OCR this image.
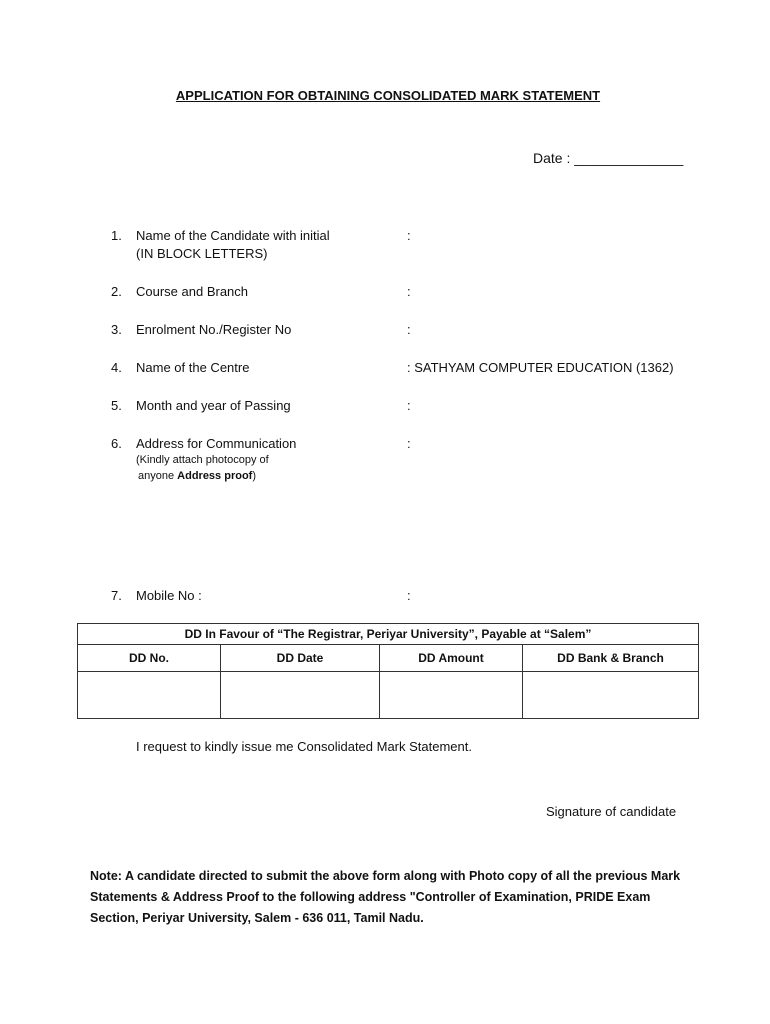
APPLICATION FOR OBTAINING CONSOLIDATED MARK STATEMENT
Date : ______________
1. Name of the Candidate with initial
(IN BLOCK LETTERS)
:
2. Course and Branch	:
3. Enrolment No./Register No	:
4. Name of the Centre	: SATHYAM COMPUTER EDUCATION (1362)
5. Month and year of Passing	:
6. Address for Communication	:
(Kindly attach photocopy of
anyone Address proof)
7. Mobile No :	:
DD In Favour of “The Registrar, Periyar University”, Payable at “Salem”			
DD No.	DD Date	DD Amount	DD Bank & Branch

I request to kindly issue me Consolidated Mark Statement.
Signature of candidate
Note: A candidate directed to submit the above form along with Photo copy of all the previous Mark Statements & Address Proof to the following address "Controller of Examination, PRIDE Exam Section, Periyar University, Salem - 636 011, Tamil Nadu.
